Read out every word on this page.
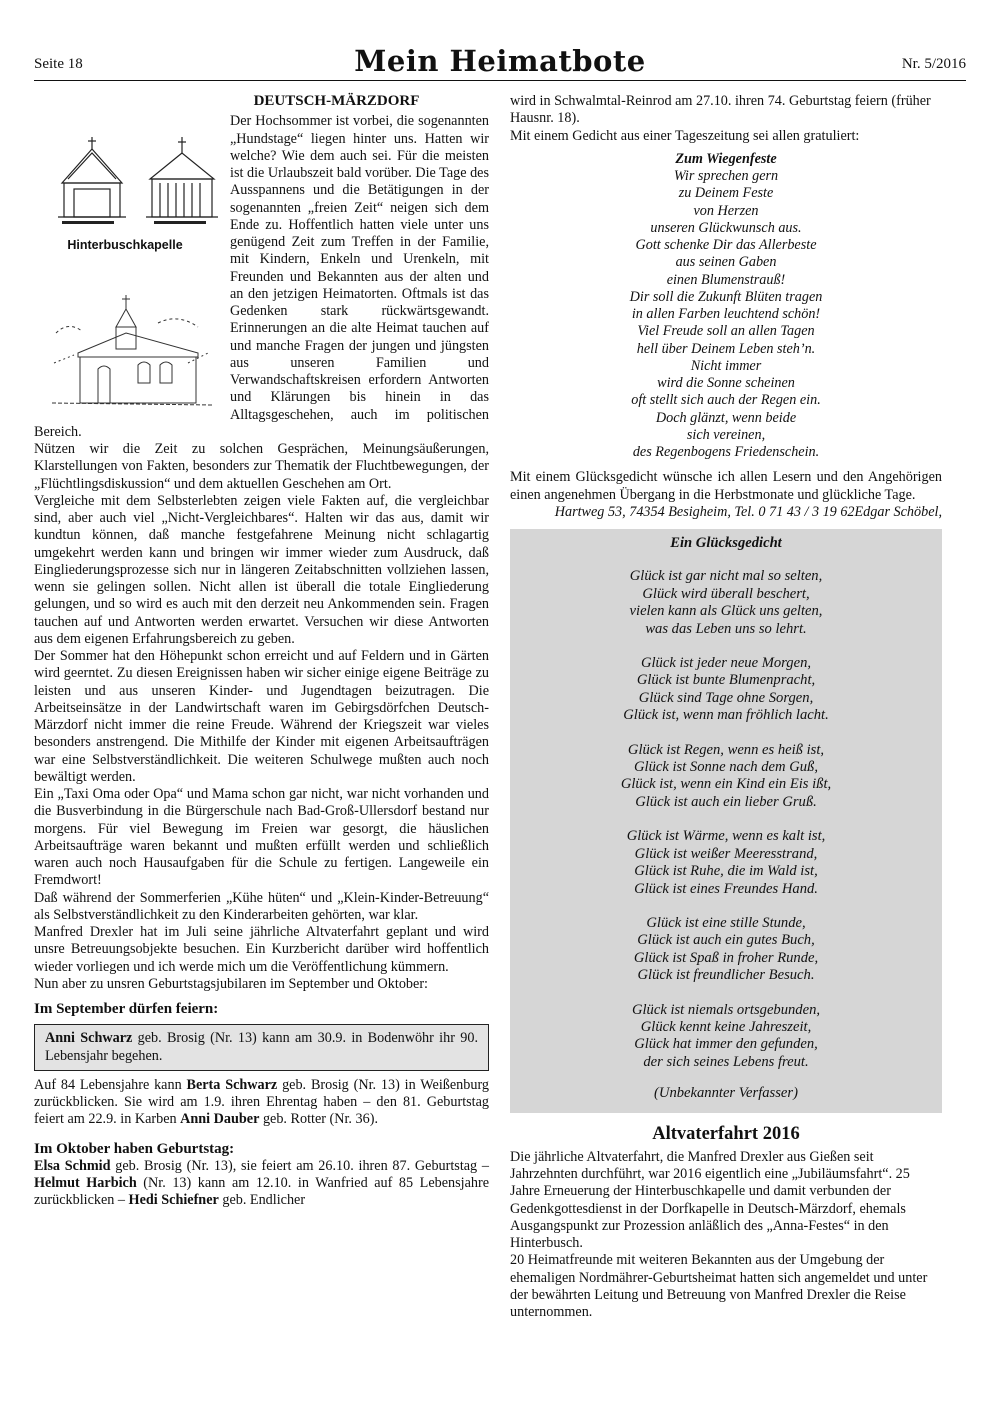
Seite 18	Mein Heimatbote	Nr. 5/2016
DEUTSCH-MÄRZDORF
Hinterbuschkapelle

Der Hochsommer ist vorbei, die sogenannten „Hundstage“ liegen hinter uns. Hatten wir welche? Wie dem auch sei. Für die meisten ist die Urlaubszeit bald vorüber. Die Tage des Ausspannens und die Betätigungen in der sogenannten „freien Zeit“ neigen sich dem Ende zu. Hoffentlich hatten viele unter uns genügend Zeit zum Treffen in der Familie, mit Kindern, Enkeln und Urenkeln, mit Freunden und Bekannten aus der alten und an den jetzigen Heimatorten. Oftmals ist das Gedenken stark rückwärtsgewandt. Erinnerungen an die alte Heimat tauchen auf und manche Fragen der jungen und jüngsten aus unseren Familien und Verwandschaftskreisen erfordern Antworten und Klärungen bis hinein in das Alltagsgeschehen, auch im politischen Bereich.

Nützen wir die Zeit zu solchen Gesprächen, Meinungsäußerungen, Klarstellungen von Fakten, besonders zur Thematik der Fluchtbewegungen, der „Flüchtlingsdiskussion“ und dem aktuellen Geschehen am Ort.

Vergleiche mit dem Selbsterlebten zeigen viele Fakten auf, die vergleichbar sind, aber auch viel „Nicht-Vergleichbares“. Halten wir das aus, damit wir kundtun können, daß manche festgefahrene Meinung nicht schlagartig umgekehrt werden kann und bringen wir immer wieder zum Ausdruck, daß Eingliederungsprozesse sich nur in längeren Zeitabschnitten vollziehen lassen, wenn sie gelingen sollen. Nicht allen ist überall die totale Eingliederung gelungen, und so wird es auch mit den derzeit neu Ankommenden sein. Fragen tauchen auf und Antworten werden erwartet. Versuchen wir diese Antworten aus dem eigenen Erfahrungsbereich zu geben.

Der Sommer hat den Höhepunkt schon erreicht und auf Feldern und in Gärten wird geerntet. Zu diesen Ereignissen haben wir sicher einige eigene Beiträge zu leisten und aus unseren Kinder- und Jugendtagen beizutragen. Die Arbeitseinsätze in der Landwirtschaft waren im Gebirgsdörfchen Deutsch-Märzdorf nicht immer die reine Freude. Während der Kriegszeit war vieles besonders anstrengend. Die Mithilfe der Kinder mit eigenen Arbeitsaufträgen war eine Selbstverständlichkeit. Die weiteren Schulwege mußten auch noch bewältigt werden.

Ein „Taxi Oma oder Opa“ und Mama schon gar nicht, war nicht vorhanden und die Busverbindung in die Bürgerschule nach Bad-Groß-Ullersdorf bestand nur morgens. Für viel Bewegung im Freien war gesorgt, die häuslichen Arbeitsaufträge waren bekannt und mußten erfüllt werden und schließlich waren auch noch Hausaufgaben für die Schule zu fertigen. Langeweile ein Fremdwort!

Daß während der Sommerferien „Kühe hüten“ und „Klein-Kinder-Betreuung“ als Selbstverständlichkeit zu den Kinderarbeiten gehörten, war klar.

Manfred Drexler hat im Juli seine jährliche Altvaterfahrt geplant und wird unsre Betreuungsobjekte besuchen. Ein Kurzbericht darüber wird hoffentlich wieder vorliegen und ich werde mich um die Veröffentlichung kümmern.

Nun aber zu unsren Geburtstagsjubilaren im September und Oktober:

Im September dürfen feiern:

Anni Schwarz geb. Brosig (Nr. 13) kann am 30.9. in Bodenwöhr ihr 90. Lebensjahr begehen.

Auf 84 Lebensjahre kann Berta Schwarz geb. Brosig (Nr. 13) in Weißenburg zurückblicken. Sie wird am 1.9. ihren Ehrentag haben – den 81. Geburtstag feiert am 22.9. in Karben Anni Dauber geb. Rotter (Nr. 36).

Im Oktober haben Geburtstag:

Elsa Schmid geb. Brosig (Nr. 13), sie feiert am 26.10. ihren 87. Geburtstag – Helmut Harbich (Nr. 13) kann am 12.10. in Wanfried auf 85 Lebensjahre zurückblicken – Hedi Schiefner geb. Endlicher

wird in Schwalmtal-Reinrod am 27.10. ihren 74. Geburtstag feiern (früher Hausnr. 18).

Mit einem Gedicht aus einer Tageszeitung sei allen gratuliert:

Zum Wiegenfeste
Wir sprechen gern
zu Deinem Feste
von Herzen
unseren Glückwunsch aus.
Gott schenke Dir das Allerbeste
aus seinen Gaben
einen Blumenstrauß!
Dir soll die Zukunft Blüten tragen
in allen Farben leuchtend schön!
Viel Freude soll an allen Tagen
hell über Deinem Leben steh’n.
Nicht immer
wird die Sonne scheinen
oft stellt sich auch der Regen ein.
Doch glänzt, wenn beide
sich vereinen,
des Regenbogens Friedenschein.

Mit einem Glücksgedicht wünsche ich allen Lesern und den Angehörigen einen angenehmen Übergang in die Herbstmonate und glückliche Tage.
Edgar Schöbel,

Hartweg 53, 74354 Besigheim, Tel. 0 71 43 / 3 19 62
Ein Glücksgedicht
Glück ist gar nicht mal so selten,
Glück wird überall beschert,
vielen kann als Glück uns gelten,
was das Leben uns so lehrt.
Glück ist jeder neue Morgen,
Glück ist bunte Blumenpracht,
Glück sind Tage ohne Sorgen,
Glück ist, wenn man fröhlich lacht.
Glück ist Regen, wenn es heiß ist,
Glück ist Sonne nach dem Guß,
Glück ist, wenn ein Kind ein Eis ißt,
Glück ist auch ein lieber Gruß.
Glück ist Wärme, wenn es kalt ist,
Glück ist weißer Meeresstrand,
Glück ist Ruhe, die im Wald ist,
Glück ist eines Freundes Hand.
Glück ist eine stille Stunde,
Glück ist auch ein gutes Buch,
Glück ist Spaß in froher Runde,
Glück ist freundlicher Besuch.
Glück ist niemals ortsgebunden,
Glück kennt keine Jahreszeit,
Glück hat immer den gefunden,
der sich seines Lebens freut.
(Unbekannter Verfasser)
Altvaterfahrt 2016

Die jährliche Altvaterfahrt, die Manfred Drexler aus Gießen seit Jahrzehnten durchführt, war 2016 eigentlich eine „Jubiläumsfahrt“. 25 Jahre Erneuerung der Hinterbuschkapelle und damit verbunden der Gedenkgottesdienst in der Dorfkapelle in Deutsch-Märzdorf, ehemals Ausgangspunkt zur Prozession anläßlich des „Anna-Festes“ in den Hinterbusch.

20 Heimatfreunde mit weiteren Bekannten aus der Umgebung der ehemaligen Nordmährer-Geburtsheimat hatten sich angemeldet und unter der bewährten Leitung und Betreuung von Manfred Drexler die Reise unternommen.
